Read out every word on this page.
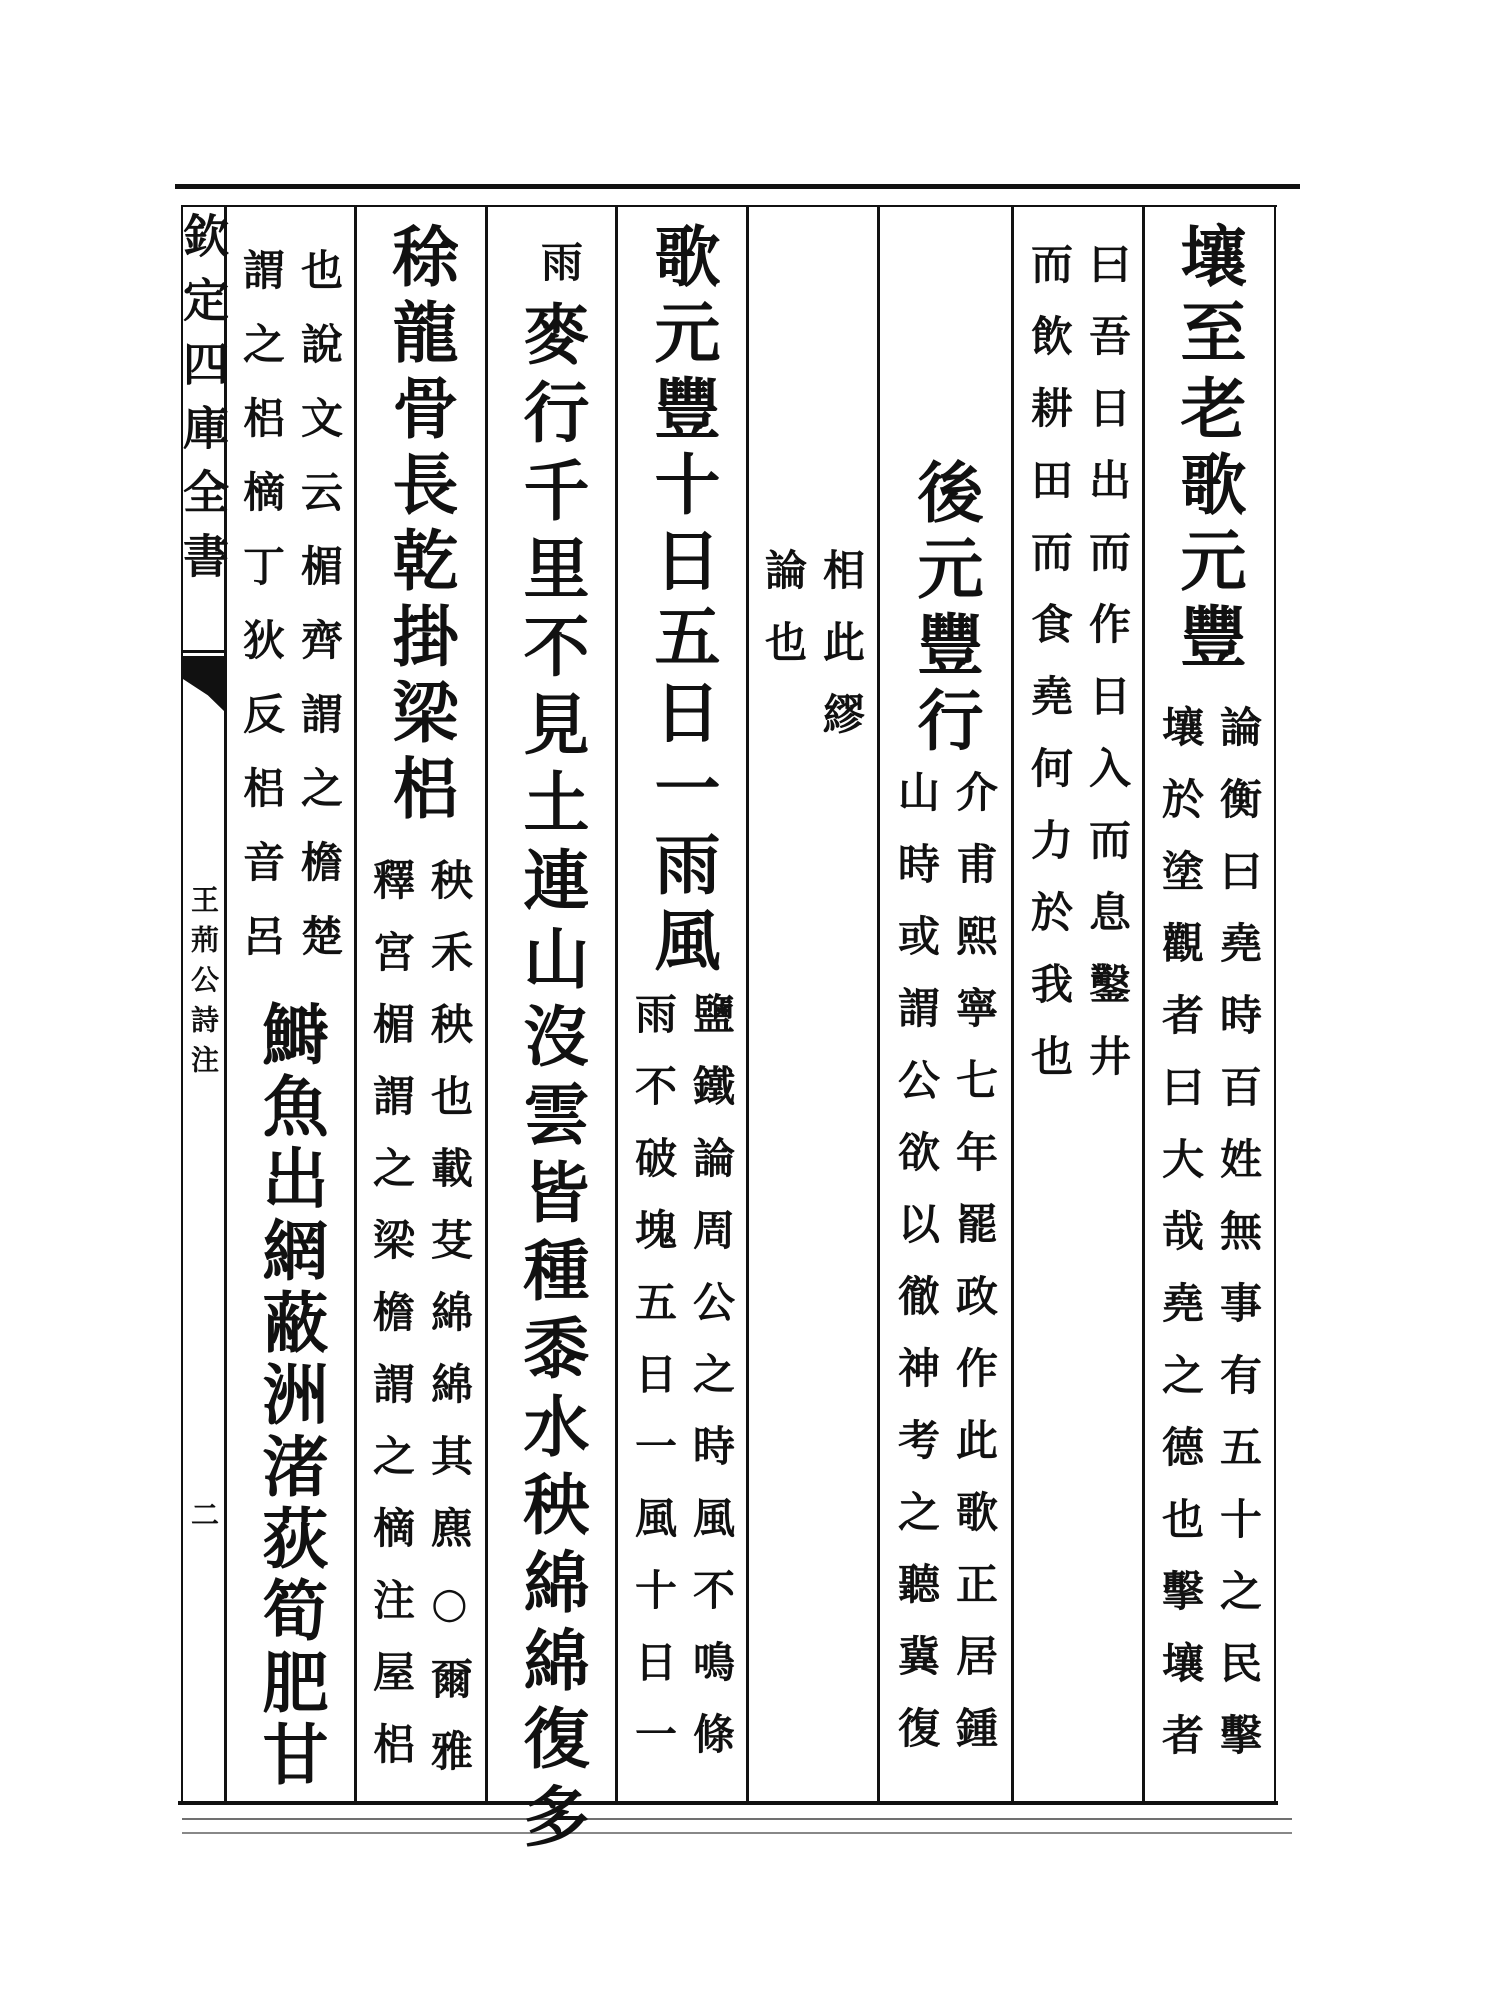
欽定四庫全書
王荊公詩注
二
壤至老歌元豐
論衡曰堯時百姓無事有五十之民擊
壤於塗觀者曰大哉堯之德也擊壤者
曰吾日出而作日入而息鑿井
而飲耕田而食堯何力於我也
後元豐行
介甫熙寧七年罷政作此歌正居鍾
山時或謂公欲以徹神考之聽冀復
相此繆
論也
歌元豐十日五日一雨風
鹽鐵論周公之時風不鳴條
雨不破塊五日一風十日一
雨
麥行千里不見土連山沒雲皆種黍水秧綿綿復多
稌龍骨長乾掛梁梠
秧禾秧也載芟綿綿其麃○爾雅
釋宮楣謂之梁檐謂之樀注屋梠
也說文云楣齊謂之檐楚
謂之梠樀丁狄反梠音呂
鰣魚出網蔽洲渚荻筍肥甘
